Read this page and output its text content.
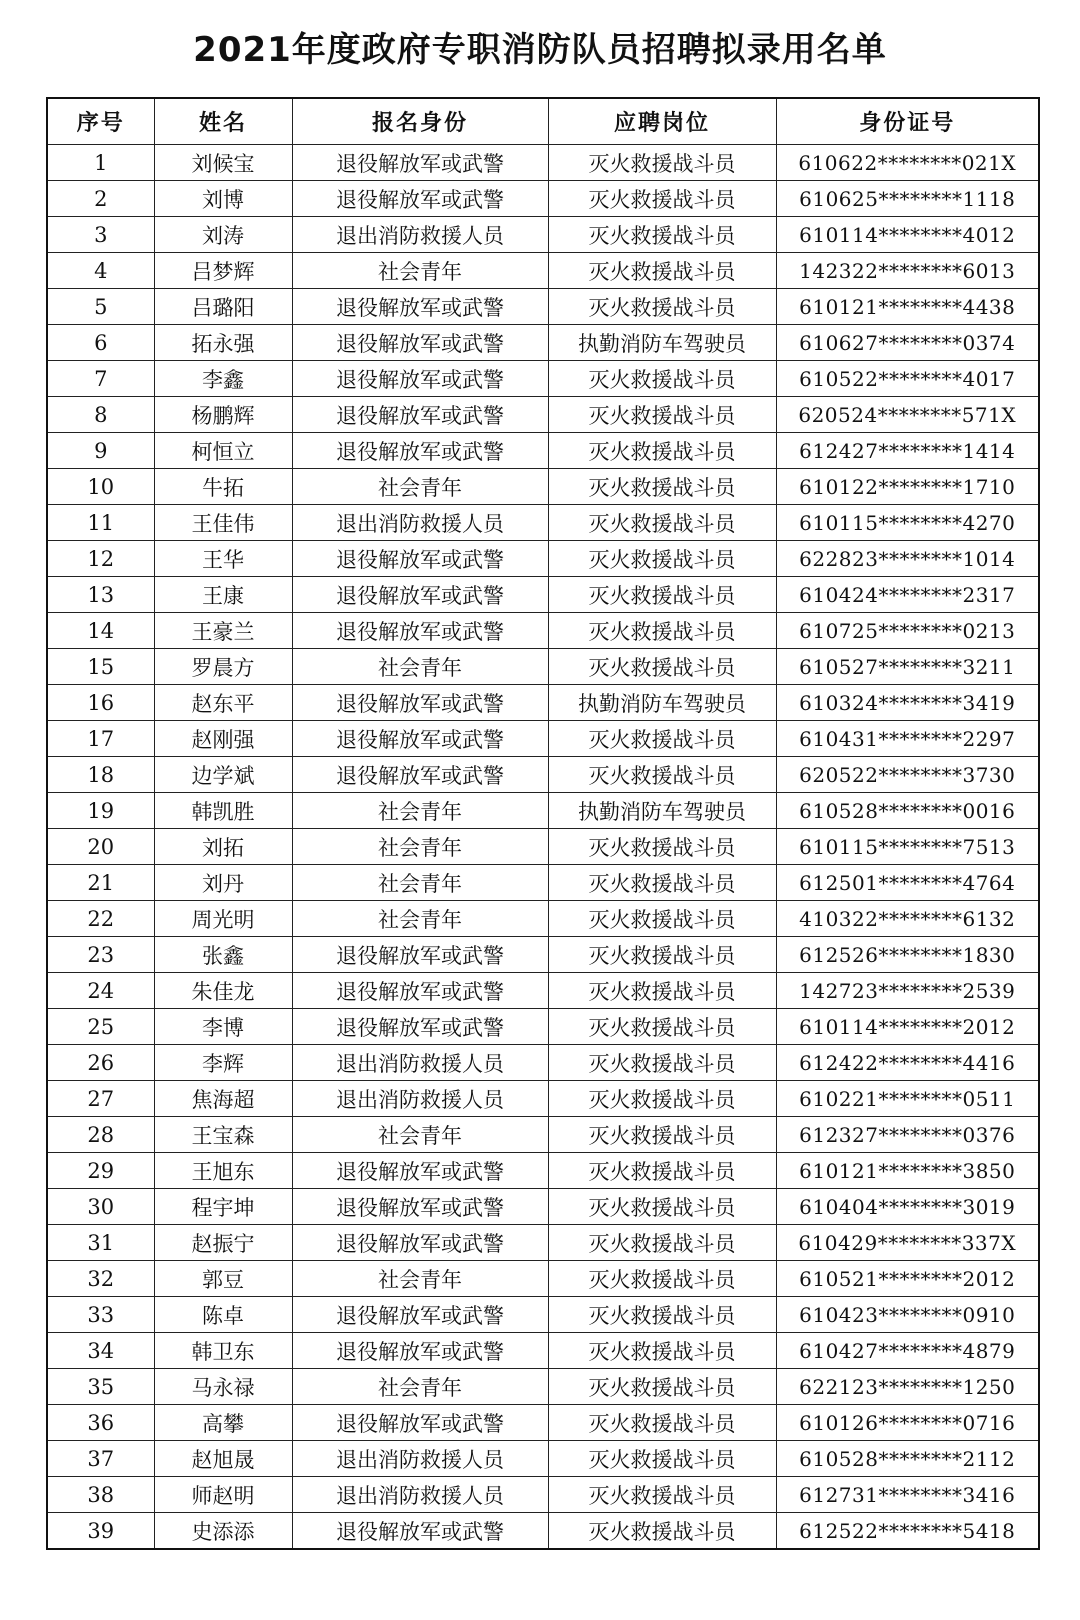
2021年度政府专职消防队员招聘拟录用名单
序号	姓名	报名身份	应聘岗位	身份证号
1	刘候宝	退役解放军或武警	灭火救援战斗员	610622********021X
2	刘博	退役解放军或武警	灭火救援战斗员	610625********1118
3	刘涛	退出消防救援人员	灭火救援战斗员	610114********4012
4	吕梦辉	社会青年	灭火救援战斗员	142322********6013
5	吕璐阳	退役解放军或武警	灭火救援战斗员	610121********4438
6	拓永强	退役解放军或武警	执勤消防车驾驶员	610627********0374
7	李鑫	退役解放军或武警	灭火救援战斗员	610522********4017
8	杨鹏辉	退役解放军或武警	灭火救援战斗员	620524********571X
9	柯恒立	退役解放军或武警	灭火救援战斗员	612427********1414
10	牛拓	社会青年	灭火救援战斗员	610122********1710
11	王佳伟	退出消防救援人员	灭火救援战斗员	610115********4270
12	王华	退役解放军或武警	灭火救援战斗员	622823********1014
13	王康	退役解放军或武警	灭火救援战斗员	610424********2317
14	王豪兰	退役解放军或武警	灭火救援战斗员	610725********0213
15	罗晨方	社会青年	灭火救援战斗员	610527********3211
16	赵东平	退役解放军或武警	执勤消防车驾驶员	610324********3419
17	赵刚强	退役解放军或武警	灭火救援战斗员	610431********2297
18	边学斌	退役解放军或武警	灭火救援战斗员	620522********3730
19	韩凯胜	社会青年	执勤消防车驾驶员	610528********0016
20	刘拓	社会青年	灭火救援战斗员	610115********7513
21	刘丹	社会青年	灭火救援战斗员	612501********4764
22	周光明	社会青年	灭火救援战斗员	410322********6132
23	张鑫	退役解放军或武警	灭火救援战斗员	612526********1830
24	朱佳龙	退役解放军或武警	灭火救援战斗员	142723********2539
25	李博	退役解放军或武警	灭火救援战斗员	610114********2012
26	李辉	退出消防救援人员	灭火救援战斗员	612422********4416
27	焦海超	退出消防救援人员	灭火救援战斗员	610221********0511
28	王宝森	社会青年	灭火救援战斗员	612327********0376
29	王旭东	退役解放军或武警	灭火救援战斗员	610121********3850
30	程宇坤	退役解放军或武警	灭火救援战斗员	610404********3019
31	赵振宁	退役解放军或武警	灭火救援战斗员	610429********337X
32	郭豆	社会青年	灭火救援战斗员	610521********2012
33	陈卓	退役解放军或武警	灭火救援战斗员	610423********0910
34	韩卫东	退役解放军或武警	灭火救援战斗员	610427********4879
35	马永禄	社会青年	灭火救援战斗员	622123********1250
36	高攀	退役解放军或武警	灭火救援战斗员	610126********0716
37	赵旭晟	退出消防救援人员	灭火救援战斗员	610528********2112
38	师赵明	退出消防救援人员	灭火救援战斗员	612731********3416
39	史添添	退役解放军或武警	灭火救援战斗员	612522********5418
